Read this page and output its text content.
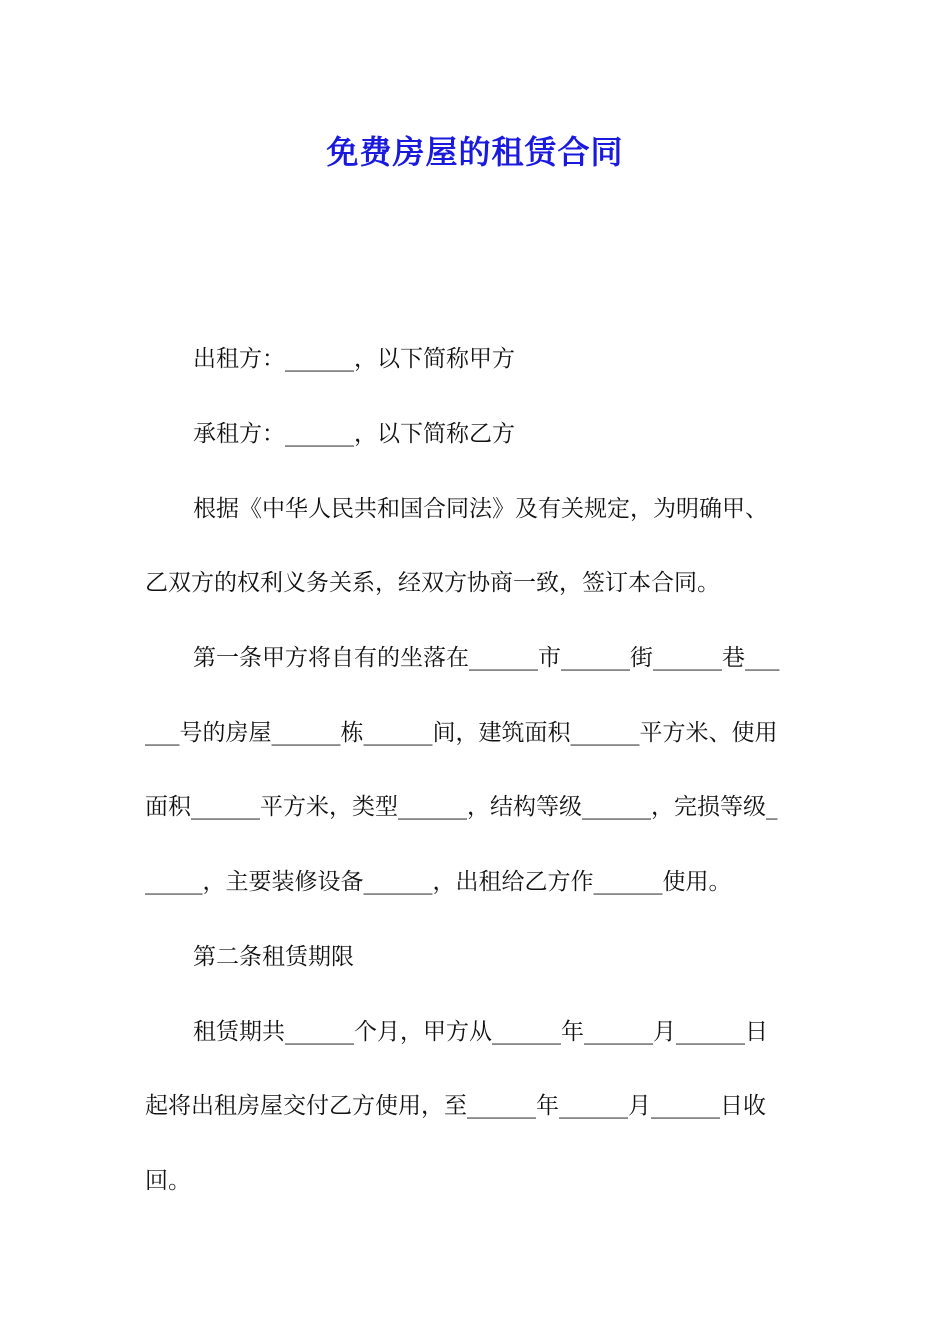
免费房屋的租赁合同
出租方：______，以下简称甲方
承租方：______，以下简称乙方
根据《中华人民共和国合同法》及有关规定，为明确甲、
乙双方的权利义务关系，经双方协商一致，签订本合同。
第一条甲方将自有的坐落在______市______街______巷___
___号的房屋______栋______间，建筑面积______平方米、使用
面积______平方米，类型______，结构等级______，完损等级_
_____，主要装修设备______，出租给乙方作______使用。
第二条租赁期限
租赁期共______个月，甲方从______年______月______日
起将出租房屋交付乙方使用，至______年______月______日收
回。
